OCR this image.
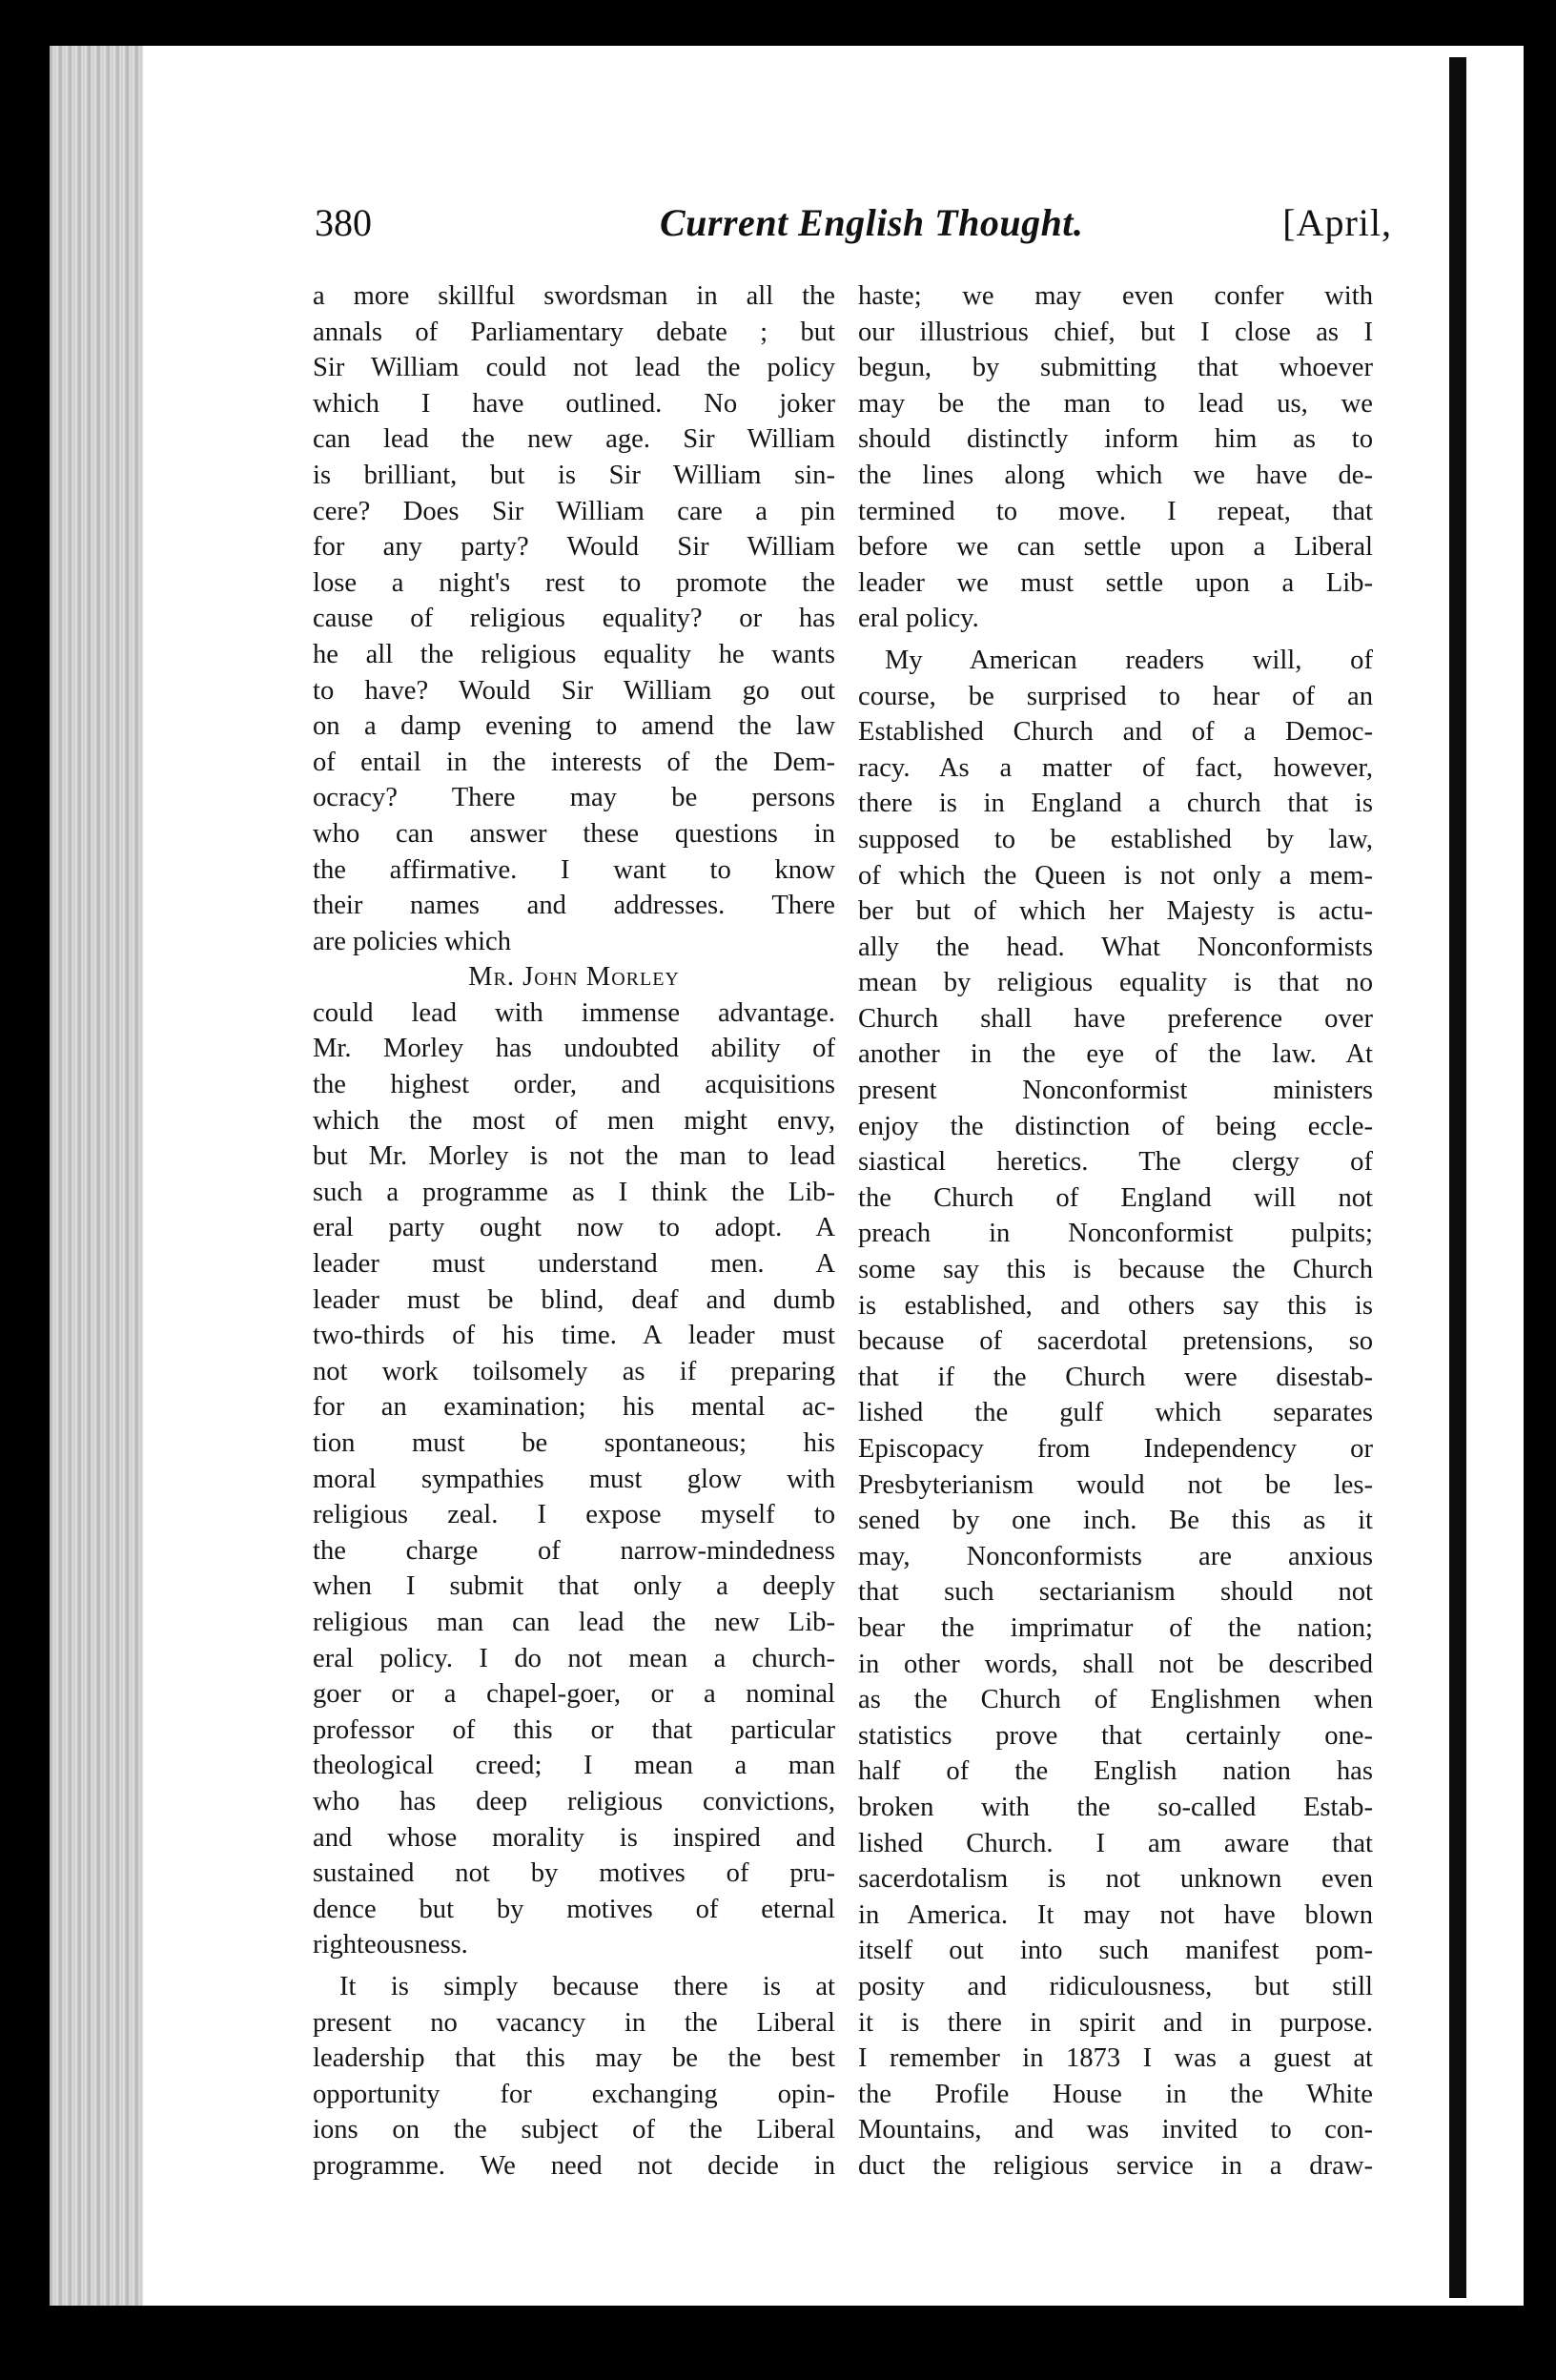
380	Current English Thought.	[April,
a more skillful swordsman in all the
annals of Parliamentary debate ; but
Sir William could not lead the policy
which I have outlined. No joker
can lead the new age. Sir William
is brilliant, but is Sir William sin-
cere? Does Sir William care a pin
for any party? Would Sir William
lose a night's rest to promote the
cause of religious equality? or has
he all the religious equality he wants
to have? Would Sir William go out
on a damp evening to amend the law
of entail in the interests of the Dem-
ocracy? There may be persons
who can answer these questions in
the affirmative. I want to know
their names and addresses. There
are policies which
Mr. John Morley
could lead with immense advantage.
Mr. Morley has undoubted ability of
the highest order, and acquisitions
which the most of men might envy,
but Mr. Morley is not the man to lead
such a programme as I think the Lib-
eral party ought now to adopt. A
leader must understand men. A
leader must be blind, deaf and dumb
two-thirds of his time. A leader must
not work toilsomely as if preparing
for an examination; his mental ac-
tion must be spontaneous; his
moral sympathies must glow with
religious zeal. I expose myself to
the charge of narrow-mindedness
when I submit that only a deeply
religious man can lead the new Lib-
eral policy. I do not mean a church-
goer or a chapel-goer, or a nominal
professor of this or that particular
theological creed; I mean a man
who has deep religious convictions,
and whose morality is inspired and
sustained not by motives of pru-
dence but by motives of eternal
righteousness.
It is simply because there is at
present no vacancy in the Liberal
leadership that this may be the best
opportunity for exchanging opin-
ions on the subject of the Liberal
programme. We need not decide in
haste; we may even confer with
our illustrious chief, but I close as I
begun, by submitting that whoever
may be the man to lead us, we
should distinctly inform him as to
the lines along which we have de-
termined to move. I repeat, that
before we can settle upon a Liberal
leader we must settle upon a Lib-
eral policy.
My American readers will, of
course, be surprised to hear of an
Established Church and of a Democ-
racy. As a matter of fact, however,
there is in England a church that is
supposed to be established by law,
of which the Queen is not only a mem-
ber but of which her Majesty is actu-
ally the head. What Nonconformists
mean by religious equality is that no
Church shall have preference over
another in the eye of the law. At
present Nonconformist ministers
enjoy the distinction of being eccle-
siastical heretics. The clergy of
the Church of England will not
preach in Nonconformist pulpits;
some say this is because the Church
is established, and others say this is
because of sacerdotal pretensions, so
that if the Church were disestab-
lished the gulf which separates
Episcopacy from Independency or
Presbyterianism would not be les-
sened by one inch. Be this as it
may, Nonconformists are anxious
that such sectarianism should not
bear the imprimatur of the nation;
in other words, shall not be described
as the Church of Englishmen when
statistics prove that certainly one-
half of the English nation has
broken with the so-called Estab-
lished Church. I am aware that
sacerdotalism is not unknown even
in America. It may not have blown
itself out into such manifest pom-
posity and ridiculousness, but still
it is there in spirit and in purpose.
I remember in 1873 I was a guest at
the Profile House in the White
Mountains, and was invited to con-
duct the religious service in a draw-
